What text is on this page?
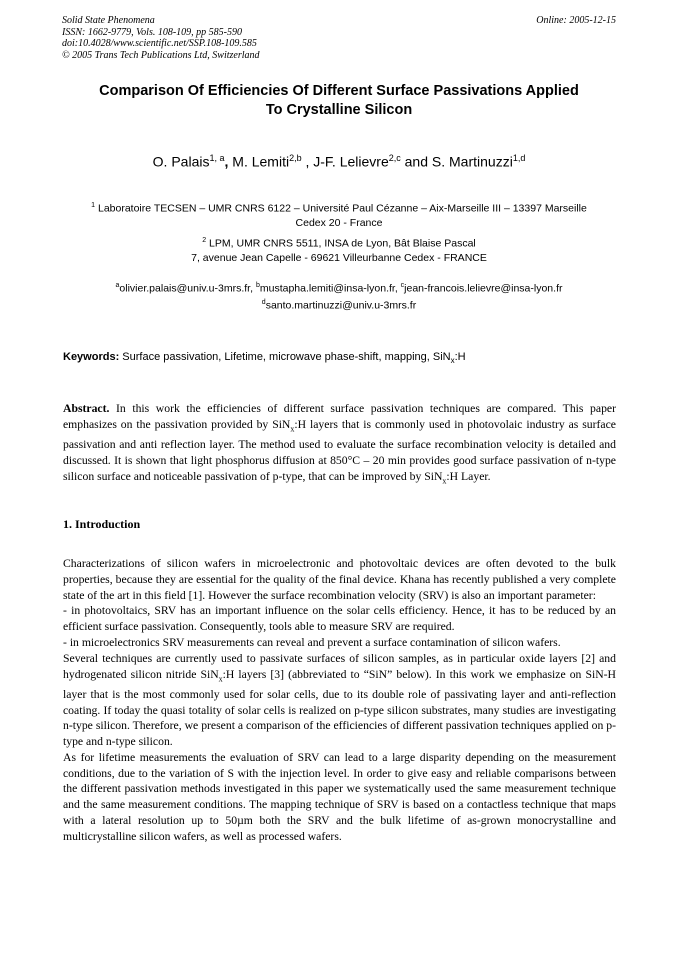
Solid State Phenomena
ISSN: 1662-9779, Vols. 108-109, pp 585-590
doi:10.4028/www.scientific.net/SSP.108-109.585
© 2005 Trans Tech Publications Ltd, Switzerland
Online: 2005-12-15
Comparison Of Efficiencies Of Different Surface Passivations Applied
To Crystalline Silicon
O. Palais$^{1, a}$, M. Lemiti$^{2,b}$ , J-F. Lelievre$^{2,c}$ and S. Martinuzzi$^{1,d}$
$^1$ Laboratoire TECSEN – UMR CNRS 6122 – Université Paul Cézanne – Aix-Marseille III – 13397 Marseille
Cedex 20 - France
$^2$ LPM, UMR CNRS 5511, INSA de Lyon, Bât Blaise Pascal
7, avenue Jean Capelle - 69621 Villeurbanne Cedex - FRANCE
$^a$olivier.palais@univ.u-3mrs.fr, $^b$mustapha.lemiti@insa-lyon.fr, $^c$jean-francois.lelievre@insa-lyon.fr
$^d$santo.martinuzzi@univ.u-3mrs.fr
Keywords: Surface passivation, Lifetime, microwave phase-shift, mapping, SiN$_x$:H
Abstract. In this work the efficiencies of different surface passivation techniques are compared. This paper emphasizes on the passivation provided by SiN$_x$:H layers that is commonly used in photovolaic industry as surface passivation and anti reflection layer. The method used to evaluate the surface recombination velocity is detailed and discussed. It is shown that light phosphorus diffusion at 850°C – 20 min provides good surface passivation of n-type silicon surface and noticeable passivation of p-type, that can be improved by SiN$_x$:H Layer.
1. Introduction

Characterizations of silicon wafers in microelectronic and photovoltaic devices are often devoted to the bulk properties, because they are essential for the quality of the final device. Khana has recently published a very complete state of the art in this field [1]. However the surface recombination velocity (SRV) is also an important parameter:

- in photovoltaics, SRV has an important influence on the solar cells efficiency. Hence, it has to be reduced by an efficient surface passivation. Consequently, tools able to measure SRV are required.

- in microelectronics SRV measurements can reveal and prevent a surface contamination of silicon wafers.

Several techniques are currently used to passivate surfaces of silicon samples, as in particular oxide layers [2] and hydrogenated silicon nitride SiN$_x$:H layers [3] (abbreviated to “SiN” below). In this work we emphasize on SiN-H layer that is the most commonly used for solar cells, due to its double role of passivating layer and anti-reflection coating. If today the quasi totality of solar cells is realized on p-type silicon substrates, many studies are investigating n-type silicon. Therefore, we present a comparison of the efficiencies of different passivation techniques applied on p-type and n-type silicon.

As for lifetime measurements the evaluation of SRV can lead to a large disparity depending on the measurement conditions, due to the variation of S with the injection level. In order to give easy and reliable comparisons between the different passivation methods investigated in this paper we systematically used the same measurement technique and the same measurement conditions. The mapping technique of SRV is based on a contactless technique that maps with a lateral resolution up to 50µm both the SRV and the bulk lifetime of as-grown monocrystalline and multicrystalline silicon wafers, as well as processed wafers.
